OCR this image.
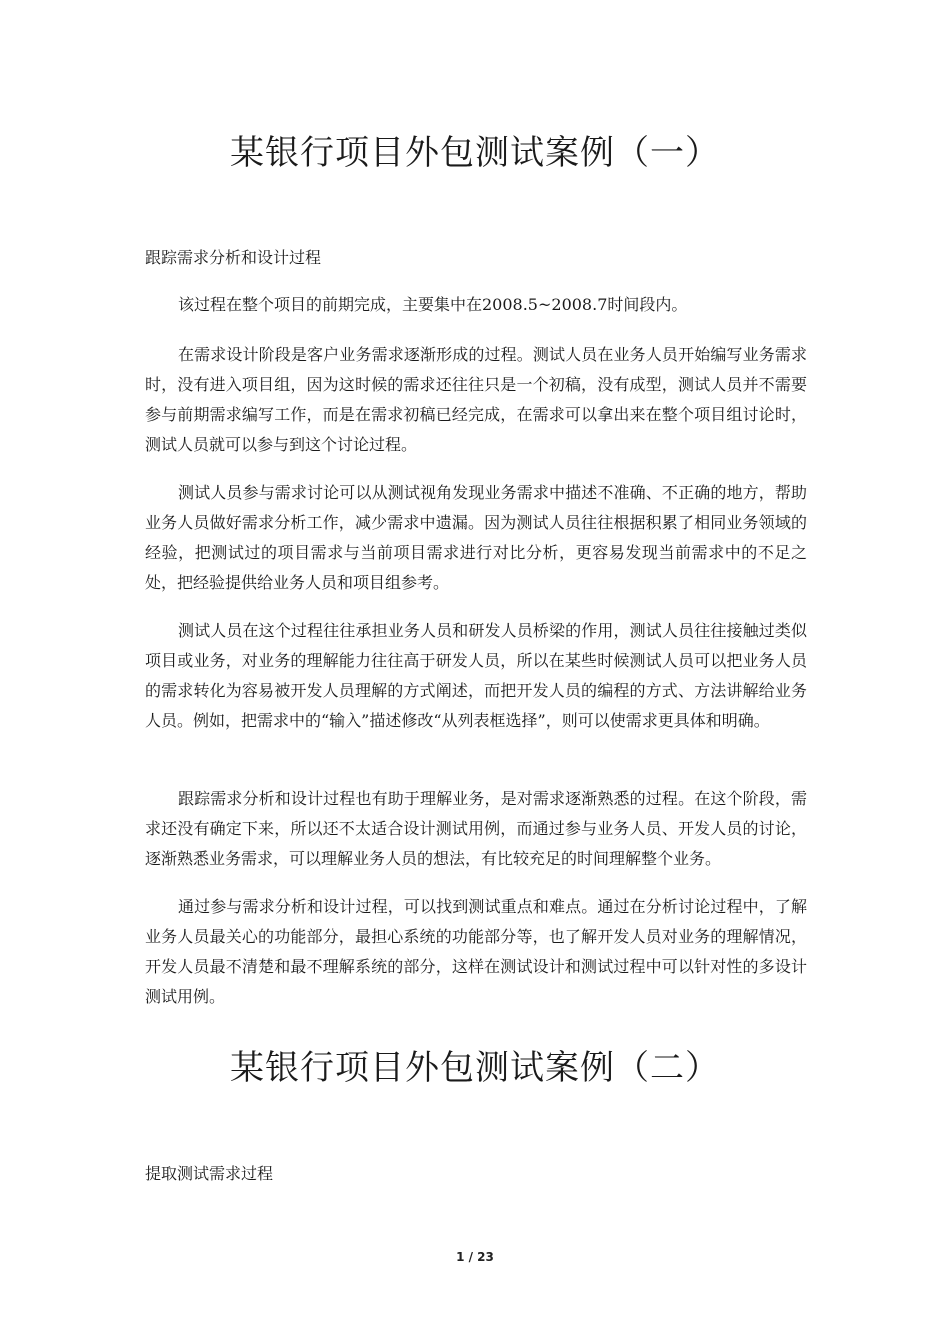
某银行项目外包测试案例（一）

跟踪需求分析和设计过程

该过程在整个项目的前期完成，主要集中在2008.5~2008.7时间段内。

在需求设计阶段是客户业务需求逐渐形成的过程。测试人员在业务人员开始编写业务需求时，没有进入项目组，因为这时候的需求还往往只是一个初稿，没有成型，测试人员并不需要参与前期需求编写工作，而是在需求初稿已经完成，在需求可以拿出来在整个项目组讨论时，测试人员就可以参与到这个讨论过程。

测试人员参与需求讨论可以从测试视角发现业务需求中描述不准确、不正确的地方，帮助业务人员做好需求分析工作，减少需求中遗漏。因为测试人员往往根据积累了相同业务领域的经验，把测试过的项目需求与当前项目需求进行对比分析，更容易发现当前需求中的不足之处，把经验提供给业务人员和项目组参考。

测试人员在这个过程往往承担业务人员和研发人员桥梁的作用，测试人员往往接触过类似项目或业务，对业务的理解能力往往高于研发人员，所以在某些时候测试人员可以把业务人员的需求转化为容易被开发人员理解的方式阐述，而把开发人员的编程的方式、方法讲解给业务人员。例如，把需求中的“输入”描述修改“从列表框选择”，则可以使需求更具体和明确。

跟踪需求分析和设计过程也有助于理解业务，是对需求逐渐熟悉的过程。在这个阶段，需求还没有确定下来，所以还不太适合设计测试用例，而通过参与业务人员、开发人员的讨论，逐渐熟悉业务需求，可以理解业务人员的想法，有比较充足的时间理解整个业务。

通过参与需求分析和设计过程，可以找到测试重点和难点。通过在分析讨论过程中，了解业务人员最关心的功能部分，最担心系统的功能部分等，也了解开发人员对业务的理解情况，开发人员最不清楚和最不理解系统的部分，这样在测试设计和测试过程中可以针对性的多设计测试用例。

某银行项目外包测试案例（二）

提取测试需求过程

1 / 23
